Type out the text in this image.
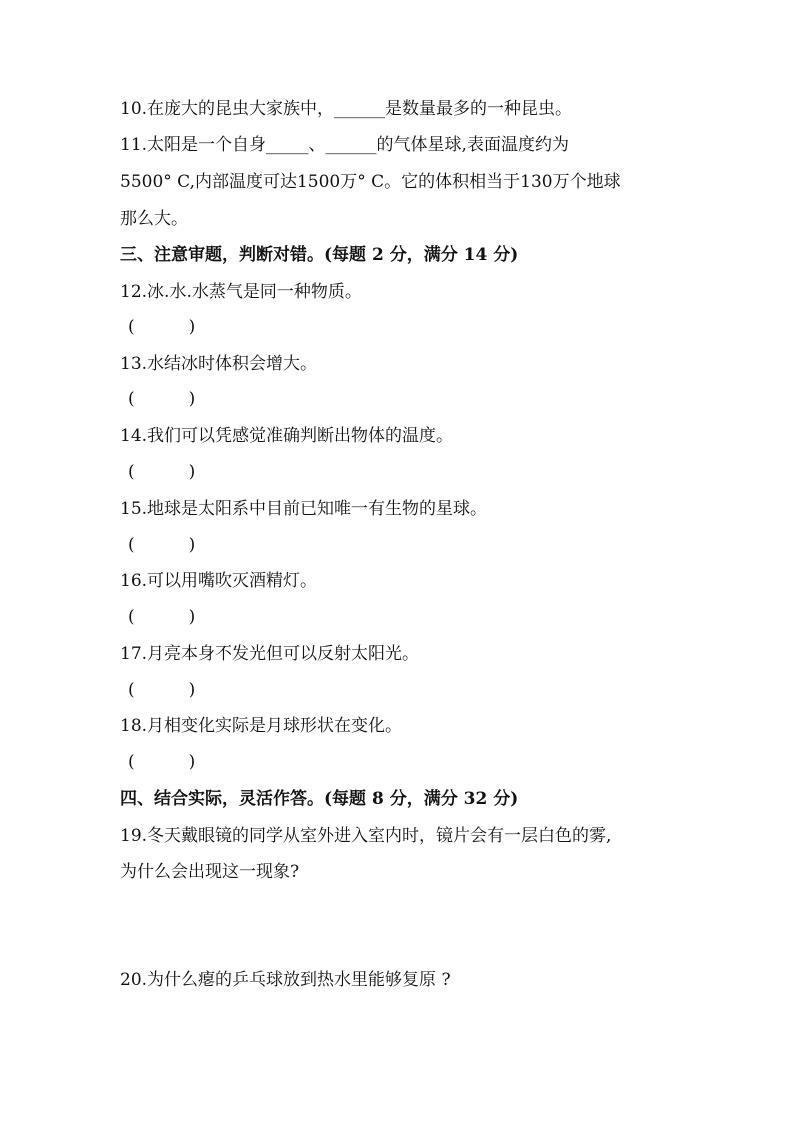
10.在庞大的昆虫大家族中，______是数量最多的一种昆虫。
11.太阳是一个自身_____、______的气体星球,表面温度约为
5500° C,内部温度可达1500万° C。它的体积相当于130万个地球
那么大。
三、注意审题，判断对错。(每题 2 分，满分 14 分)
12.冰.水.水蒸气是同一种物质。
(          )
13.水结冰时体积会增大。
(          )
14.我们可以凭感觉准确判断出物体的温度。
(          )
15.地球是太阳系中目前已知唯一有生物的星球。
(          )
16.可以用嘴吹灭酒精灯。
(          )
17.月亮本身不发光但可以反射太阳光。
(          )
18.月相变化实际是月球形状在变化。
(          )
四、结合实际，灵活作答。(每题 8 分，满分 32 分)
19.冬天戴眼镜的同学从室外进入室内时，镜片会有一层白色的雾,
为什么会出现这一现象?
20.为什么瘪的乒乓球放到热水里能够复原 ?
